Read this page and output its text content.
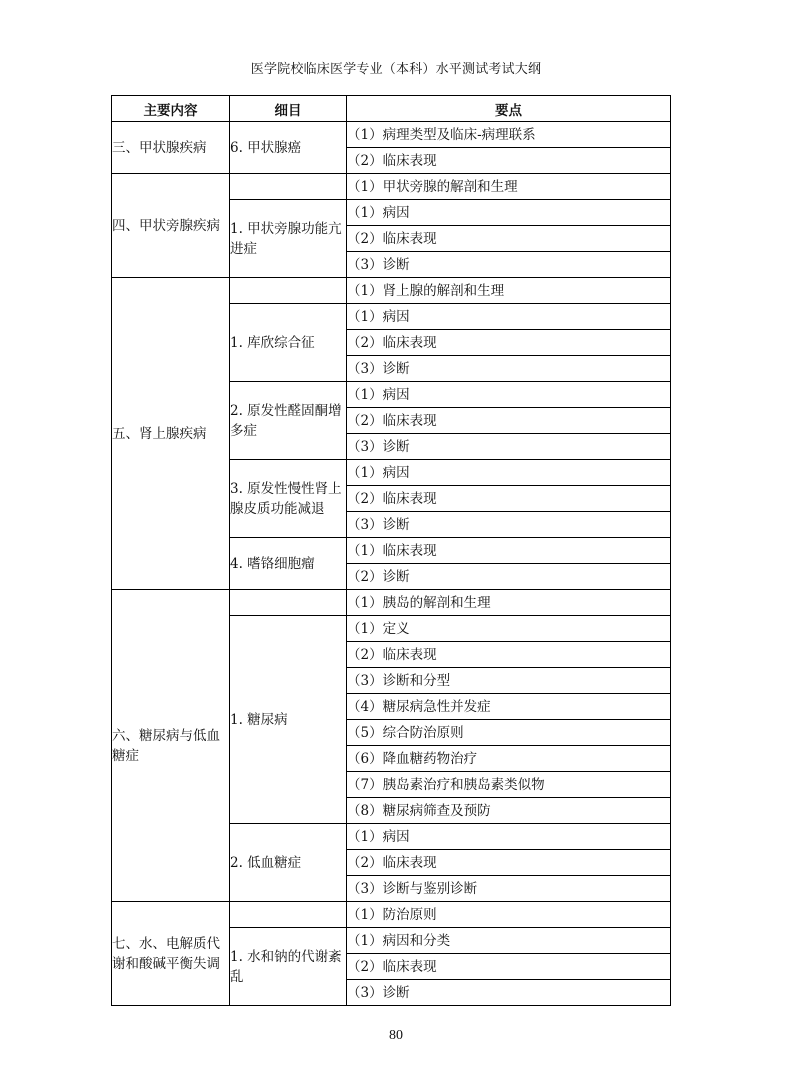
医学院校临床医学专业（本科）水平测试考试大纲
主要内容	细目	要点
三、甲状腺疾病	6. 甲状腺癌	（1）病理类型及临床-病理联系
		（2）临床表现
四、甲状旁腺疾病		（1）甲状旁腺的解剖和生理
	1. 甲状旁腺功能亢进症	（1）病因
		（2）临床表现
		（3）诊断
五、肾上腺疾病		（1）肾上腺的解剖和生理
	1. 库欣综合征	（1）病因
		（2）临床表现
		（3）诊断
	2. 原发性醛固酮增多症	（1）病因
		（2）临床表现
		（3）诊断
	3. 原发性慢性肾上腺皮质功能减退	（1）病因
		（2）临床表现
		（3）诊断
	4. 嗜铬细胞瘤	（1）临床表现
		（2）诊断
六、糖尿病与低血糖症		（1）胰岛的解剖和生理
	1. 糖尿病	（1）定义
		（2）临床表现
		（3）诊断和分型
		（4）糖尿病急性并发症
		（5）综合防治原则
		（6）降血糖药物治疗
		（7）胰岛素治疗和胰岛素类似物
		（8）糖尿病筛查及预防
	2. 低血糖症	（1）病因
		（2）临床表现
		（3）诊断与鉴别诊断
七、水、电解质代谢和酸碱平衡失调		（1）防治原则
	1. 水和钠的代谢紊乱	（1）病因和分类
		（2）临床表现
		（3）诊断
80
